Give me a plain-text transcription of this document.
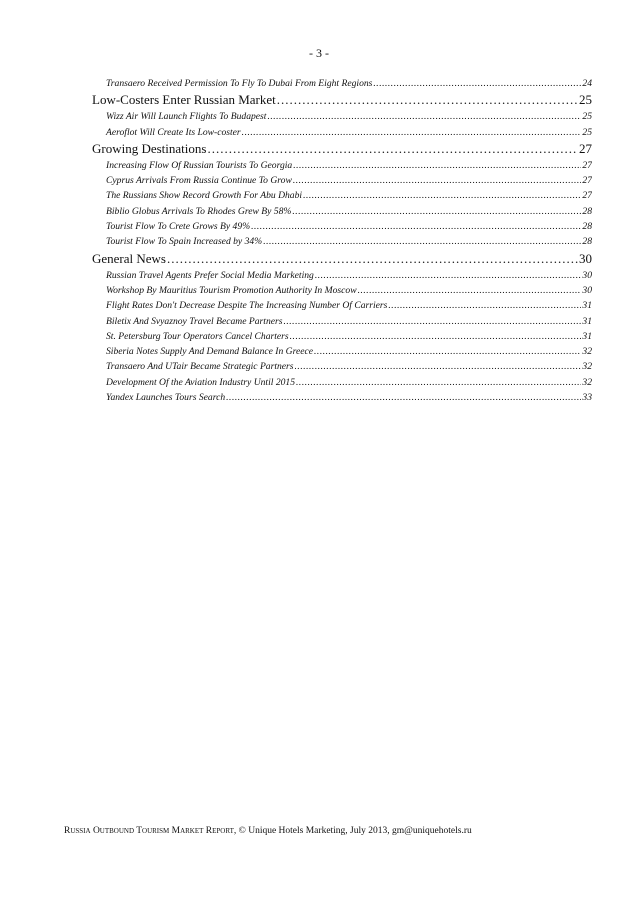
- 3 -
Transaero Received Permission To Fly To Dubai From Eight Regions .....	24
Low-Costers Enter Russian Market .....	25
Wizz Air Will Launch Flights To Budapest .....	25
Aeroflot Will Create Its Low-coster .....	25
Growing Destinations .....	27
Increasing Flow Of Russian Tourists To Georgia .....	27
Cyprus Arrivals From Russia Continue To Grow .....	27
The Russians Show Record Growth For Abu Dhabi .....	27
Biblio Globus Arrivals To Rhodes Grew By 58% .....	28
Tourist Flow To Crete Grows By 49% .....	28
Tourist Flow To Spain Increased by 34% .....	28
General News .....	30
Russian Travel Agents Prefer Social Media Marketing .....	30
Workshop By Mauritius Tourism Promotion Authority In Moscow .....	30
Flight Rates Don't Decrease Despite The Increasing Number Of Carriers .....	31
Biletix And Svyaznoy Travel Became Partners .....	31
St. Petersburg Tour Operators Cancel Charters .....	31
Siberia Notes Supply And Demand Balance In Greece .....	32
Transaero And UTair Became Strategic Partners .....	32
Development Of the Aviation Industry Until 2015 .....	32
Yandex Launches Tours Search .....	33
Russia Outbound Tourism Market Report, © Unique Hotels Marketing, July 2013, gm@uniquehotels.ru
